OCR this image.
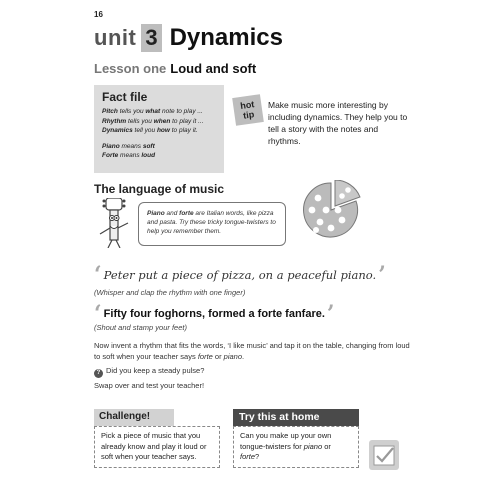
16
unit 3 Dynamics
Lesson one Loud and soft
Fact file
Pitch tells you what note to play ...
Rhythm tells you when to play it ...
Dynamics tell you how to play it.
Piano means soft
Forte means loud
hot
tip
Make music more interesting by including dynamics. They help you to tell a story with the notes and rhythms.
The language of music
Piano and forte are Italian words, like pizza and pasta. Try these tricky tongue-twisters to help you remember them.
‘ Peter put a piece of pizza, on a peaceful piano. ’
(Whisper and clap the rhythm with one finger)
‘ Fifty four foghorns, formed a forte fanfare. ’
(Shout and stamp your feet)
Now invent a rhythm that fits the words, ‘I like music’ and tap it on the table, changing from loud to soft when your teacher says forte or piano.
? Did you keep a steady pulse?
Swap over and test your teacher!
Challenge!
Pick a piece of music that you already know and play it loud or soft when your teacher says.
Try this at home
Can you make up your own tongue-twisters for piano or forte?
